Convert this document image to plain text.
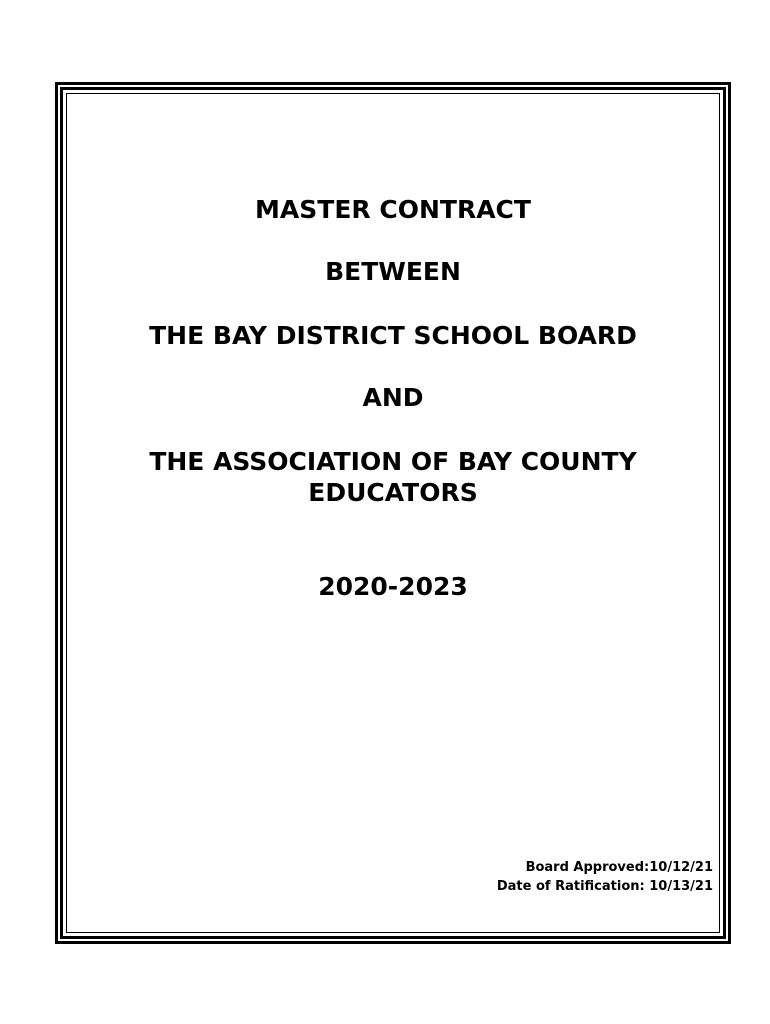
MASTER CONTRACT
BETWEEN
THE BAY DISTRICT SCHOOL BOARD
AND
THE ASSOCIATION OF BAY COUNTY
EDUCATORS
2020-2023
Board Approved:10/12/21
Date of Ratification: 10/13/21
